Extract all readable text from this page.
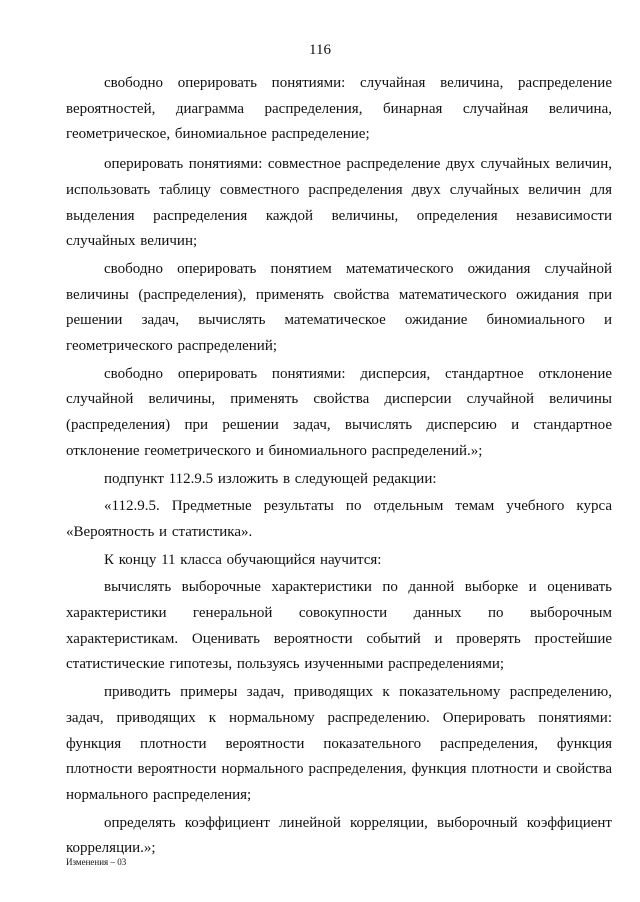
116

свободно оперировать понятиями: случайная величина, распределение вероятностей, диаграмма распределения, бинарная случайная величина, геометрическое, биномиальное распределение;

оперировать понятиями: совместное распределение двух случайных величин, использовать таблицу совместного распределения двух случайных величин для выделения распределения каждой величины, определения независимости случайных величин;

свободно оперировать понятием математического ожидания случайной величины (распределения), применять свойства математического ожидания при решении задач, вычислять математическое ожидание биномиального и геометрического распределений;

свободно оперировать понятиями: дисперсия, стандартное отклонение случайной величины, применять свойства дисперсии случайной величины (распределения) при решении задач, вычислять дисперсию и стандартное отклонение геометрического и биномиального распределений.»;

подпункт 112.9.5 изложить в следующей редакции:

«112.9.5. Предметные результаты по отдельным темам учебного курса «Вероятность и статистика».

К концу 11 класса обучающийся научится:

вычислять выборочные характеристики по данной выборке и оценивать характеристики генеральной совокупности данных по выборочным характеристикам. Оценивать вероятности событий и проверять простейшие статистические гипотезы, пользуясь изученными распределениями;

приводить примеры задач, приводящих к показательному распределению, задач, приводящих к нормальному распределению. Оперировать понятиями: функция плотности вероятности показательного распределения, функция плотности вероятности нормального распределения, функция плотности и свойства нормального распределения;

определять коэффициент линейной корреляции, выборочный коэффициент корреляции.»;

Изменения – 03
